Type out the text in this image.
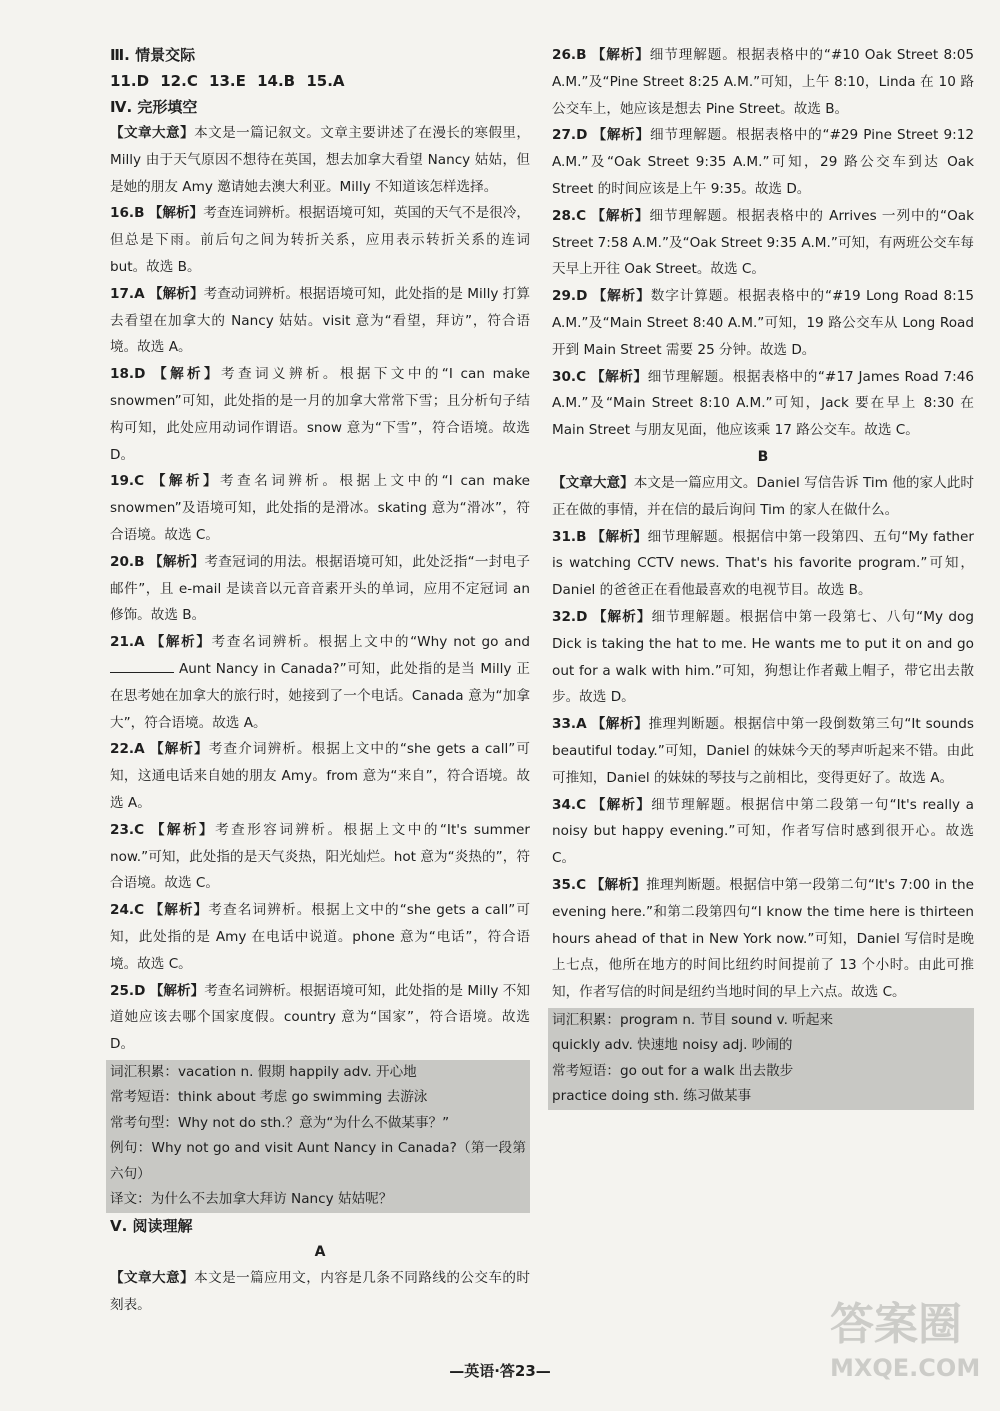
Ⅲ. 情景交际
11.D 12.C 13.E 14.B 15.A
Ⅳ. 完形填空
【文章大意】本文是一篇记叙文。文章主要讲述了在漫长的寒假里，Milly 由于天气原因不想待在英国，想去加拿大看望 Nancy 姑姑，但是她的朋友 Amy 邀请她去澳大利亚。Milly 不知道该怎样选择。
16.B 【解析】考查连词辨析。根据语境可知，英国的天气不是很冷，但总是下雨。前后句之间为转折关系，应用表示转折关系的连词 but。故选 B。
17.A 【解析】考查动词辨析。根据语境可知，此处指的是 Milly 打算去看望在加拿大的 Nancy 姑姑。visit 意为“看望，拜访”，符合语境。故选 A。
18.D 【解析】考查词义辨析。根据下文中的“I can make snowmen”可知，此处指的是一月的加拿大常常下雪；且分析句子结构可知，此处应用动词作谓语。snow 意为“下雪”，符合语境。故选 D。
19.C 【解析】考查名词辨析。根据上文中的“I can make snowmen”及语境可知，此处指的是滑冰。skating 意为“滑冰”，符合语境。故选 C。
20.B 【解析】考查冠词的用法。根据语境可知，此处泛指“一封电子邮件”，且 e-mail 是读音以元音音素开头的单词，应用不定冠词 an 修饰。故选 B。
21.A 【解析】考查名词辨析。根据上文中的“Why not go and  Aunt Nancy in Canada?”可知，此处指的是当 Milly 正在思考她在加拿大的旅行时，她接到了一个电话。Canada 意为“加拿大”，符合语境。故选 A。
22.A 【解析】考查介词辨析。根据上文中的“she gets a call”可知，这通电话来自她的朋友 Amy。from 意为“来自”，符合语境。故选 A。
23.C 【解析】考查形容词辨析。根据上文中的“It's summer now.”可知，此处指的是天气炎热，阳光灿烂。hot 意为“炎热的”，符合语境。故选 C。
24.C 【解析】考查名词辨析。根据上文中的“she gets a call”可知，此处指的是 Amy 在电话中说道。phone 意为“电话”，符合语境。故选 C。
25.D 【解析】考查名词辨析。根据语境可知，此处指的是 Milly 不知道她应该去哪个国家度假。country 意为“国家”，符合语境。故选 D。
词汇积累：vacation n. 假期 happily adv. 开心地
常考短语：think about 考虑 go swimming 去游泳
常考句型：Why not do sth.？意为“为什么不做某事？”
例句：Why not go and visit Aunt Nancy in Canada?（第一段第六句）
译文：为什么不去加拿大拜访 Nancy 姑姑呢？
Ⅴ. 阅读理解
A
【文章大意】本文是一篇应用文，内容是几条不同路线的公交车的时刻表。
26.B 【解析】细节理解题。根据表格中的“#10 Oak Street 8:05 A.M.”及“Pine Street 8:25 A.M.”可知，上午 8:10，Linda 在 10 路公交车上，她应该是想去 Pine Street。故选 B。
27.D 【解析】细节理解题。根据表格中的“#29 Pine Street 9:12 A.M.”及“Oak Street 9:35 A.M.”可知，29 路公交车到达 Oak Street 的时间应该是上午 9:35。故选 D。
28.C 【解析】细节理解题。根据表格中的 Arrives 一列中的“Oak Street 7:58 A.M.”及“Oak Street 9:35 A.M.”可知，有两班公交车每天早上开往 Oak Street。故选 C。
29.D 【解析】数字计算题。根据表格中的“#19 Long Road 8:15 A.M.”及“Main Street 8:40 A.M.”可知，19 路公交车从 Long Road 开到 Main Street 需要 25 分钟。故选 D。
30.C 【解析】细节理解题。根据表格中的“#17 James Road 7:46 A.M.”及“Main Street 8:10 A.M.”可知，Jack 要在早上 8:30 在 Main Street 与朋友见面，他应该乘 17 路公交车。故选 C。
B
【文章大意】本文是一篇应用文。Daniel 写信告诉 Tim 他的家人此时正在做的事情，并在信的最后询问 Tim 的家人在做什么。
31.B 【解析】细节理解题。根据信中第一段第四、五句“My father is watching CCTV news. That's his favorite program.”可知，Daniel 的爸爸正在看他最喜欢的电视节目。故选 B。
32.D 【解析】细节理解题。根据信中第一段第七、八句“My dog Dick is taking the hat to me. He wants me to put it on and go out for a walk with him.”可知，狗想让作者戴上帽子，带它出去散步。故选 D。
33.A 【解析】推理判断题。根据信中第一段倒数第三句“It sounds beautiful today.”可知，Daniel 的妹妹今天的琴声听起来不错。由此可推知，Daniel 的妹妹的琴技与之前相比，变得更好了。故选 A。
34.C 【解析】细节理解题。根据信中第二段第一句“It's really a noisy but happy evening.”可知，作者写信时感到很开心。故选 C。
35.C 【解析】推理判断题。根据信中第一段第二句“It's 7:00 in the evening here.”和第二段第四句“I know the time here is thirteen hours ahead of that in New York now.”可知，Daniel 写信时是晚上七点，他所在地方的时间比纽约时间提前了 13 个小时。由此可推知，作者写信的时间是纽约当地时间的早上六点。故选 C。
词汇积累：program n. 节目 sound v. 听起来
quickly adv. 快速地 noisy adj. 吵闹的
常考短语：go out for a walk 出去散步
practice doing sth. 练习做某事
—英语·答23—
答案圈
MXQE.COM
